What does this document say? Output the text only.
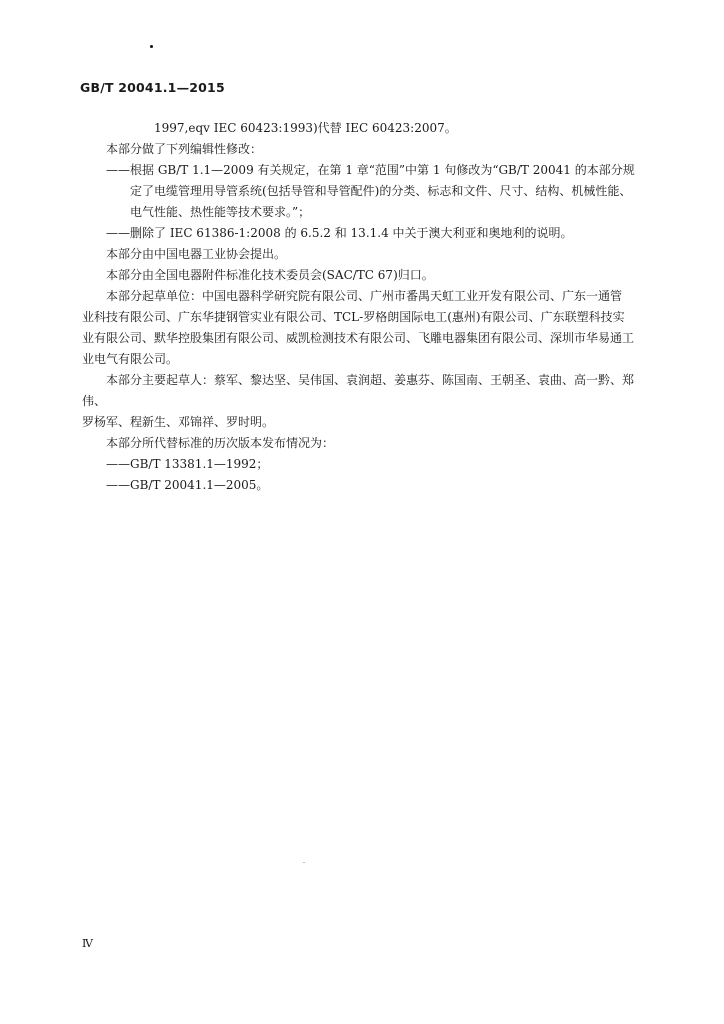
GB/T 20041.1—2015

1997,eqv IEC 60423:1993)代替 IEC 60423:2007。

本部分做了下列编辑性修改：

——根据 GB/T 1.1—2009 有关规定，在第 1 章“范围”中第 1 句修改为“GB/T 20041 的本部分规

定了电缆管理用导管系统(包括导管和导管配件)的分类、标志和文件、尺寸、结构、机械性能、

电气性能、热性能等技术要求。”；

——删除了 IEC 61386-1:2008 的 6.5.2 和 13.1.4 中关于澳大利亚和奥地利的说明。

本部分由中国电器工业协会提出。

本部分由全国电器附件标准化技术委员会(SAC/TC 67)归口。

本部分起草单位：中国电器科学研究院有限公司、广州市番禺天虹工业开发有限公司、广东一通管

业科技有限公司、广东华捷钢管实业有限公司、TCL-罗格朗国际电工(惠州)有限公司、广东联塑科技实

业有限公司、默华控股集团有限公司、威凯检测技术有限公司、飞雕电器集团有限公司、深圳市华易通工

业电气有限公司。

本部分主要起草人：蔡军、黎达坚、吴伟国、袁润超、姜惠芬、陈国南、王朝圣、袁曲、高一黔、郑伟、

罗杨军、程新生、邓锦祥、罗时明。

本部分所代替标准的历次版本发布情况为：

——GB/T 13381.1—1992；

——GB/T 20041.1—2005。

Ⅳ
